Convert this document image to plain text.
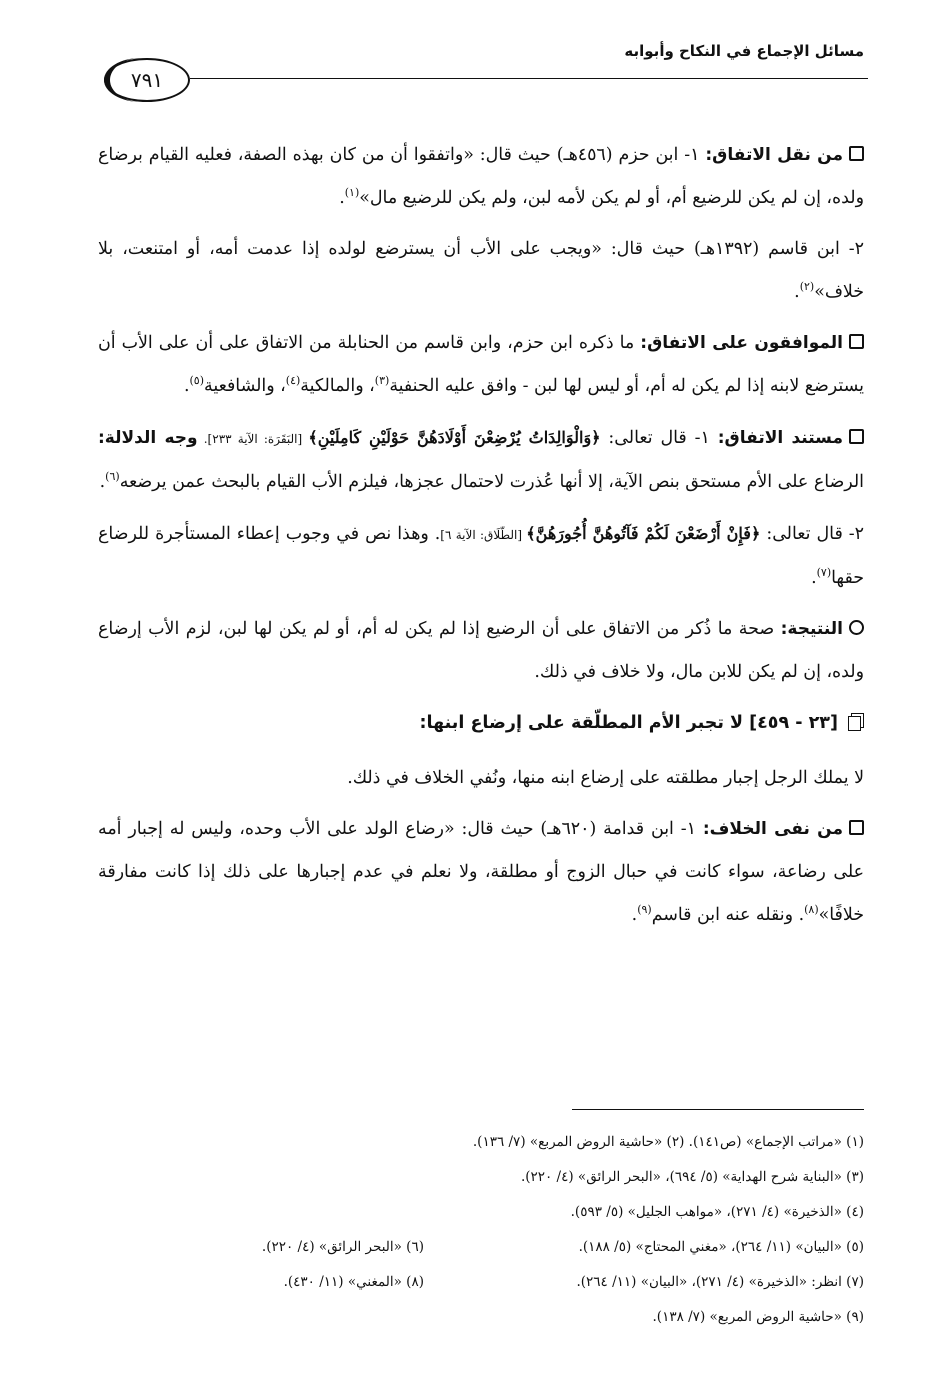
مسائل الإجماع في النكاح وأبوابه
٧٩١

من نقل الاتفاق: ١- ابن حزم (٤٥٦هـ) حيث قال: «واتفقوا أن من كان بهذه الصفة، فعليه القيام برضاع ولده، إن لم يكن للرضيع أم، أو لم يكن لأمه لبن، ولم يكن للرضيع مال»$^{(١)}$.

٢- ابن قاسم (١٣٩٢هـ) حيث قال: «ويجب على الأب أن يسترضع لولده إذا عدمت أمه، أو امتنعت، بلا خلاف»$^{(٢)}$.

الموافقون على الاتفاق: ما ذكره ابن حزم، وابن قاسم من الحنابلة من الاتفاق على أن على الأب أن يسترضع لابنه إذا لم يكن له أم، أو ليس لها لبن - وافق عليه الحنفية$^{(٣)}$، والمالكية$^{(٤)}$، والشافعية$^{(٥)}$.

مستند الاتفاق: ١- قال تعالى: ﴿وَالْوَالِدَاتُ يُرْضِعْنَ أَوْلَادَهُنَّ حَوْلَيْنِ كَامِلَيْنِ﴾ [البَقَرَة: الآية ٢٣٣]. وجه الدلالة: الرضاع على الأم مستحق بنص الآية، إلا أنها عُذرت لاحتمال عجزها، فيلزم الأب القيام بالبحث عمن يرضعه$^{(٦)}$.

٢- قال تعالى: ﴿فَإِنْ أَرْضَعْنَ لَكُمْ فَآتُوهُنَّ أُجُورَهُنَّ﴾ [الطّلَاق: الآية ٦]. وهذا نص في وجوب إعطاء المستأجرة للرضاع حقها$^{(٧)}$.

النتيجة: صحة ما ذُكر من الاتفاق على أن الرضيع إذا لم يكن له أم، أو لم يكن لها لبن، لزم الأب إرضاع ولده، إن لم يكن للابن مال، ولا خلاف في ذلك.

[٢٣ - ٤٥٩] لا تجبر الأم المطلّقة على إرضاع ابنها:

لا يملك الرجل إجبار مطلقته على إرضاع ابنه منها، ونُفي الخلاف في ذلك.

من نفى الخلاف: ١- ابن قدامة (٦٢٠هـ) حيث قال: «رضاع الولد على الأب وحده، وليس له إجبار أمه على رضاعة، سواء كانت في حبال الزوج أو مطلقة، ولا نعلم في عدم إجبارها على ذلك إذا كانت مفارقة خلافًا»$^{(٨)}$. ونقله عنه ابن قاسم$^{(٩)}$.

(١) «مراتب الإجماع» (ص١٤١). (٢) «حاشية الروض المربع» (٧/ ١٣٦).
(٣) «البناية شرح الهداية» (٥/ ٦٩٤)، «البحر الرائق» (٤/ ٢٢٠).
(٤) «الذخيرة» (٤/ ٢٧١)، «مواهب الجليل» (٥/ ٥٩٣).
(٥) «البيان» (١١/ ٢٦٤)، «مغني المحتاج» (٥/ ١٨٨).
(٦) «البحر الرائق» (٤/ ٢٢٠).
(٧) انظر: «الذخيرة» (٤/ ٢٧١)، «البيان» (١١/ ٢٦٤).
(٨) «المغني» (١١/ ٤٣٠).
(٩) «حاشية الروض المربع» (٧/ ١٣٨).
